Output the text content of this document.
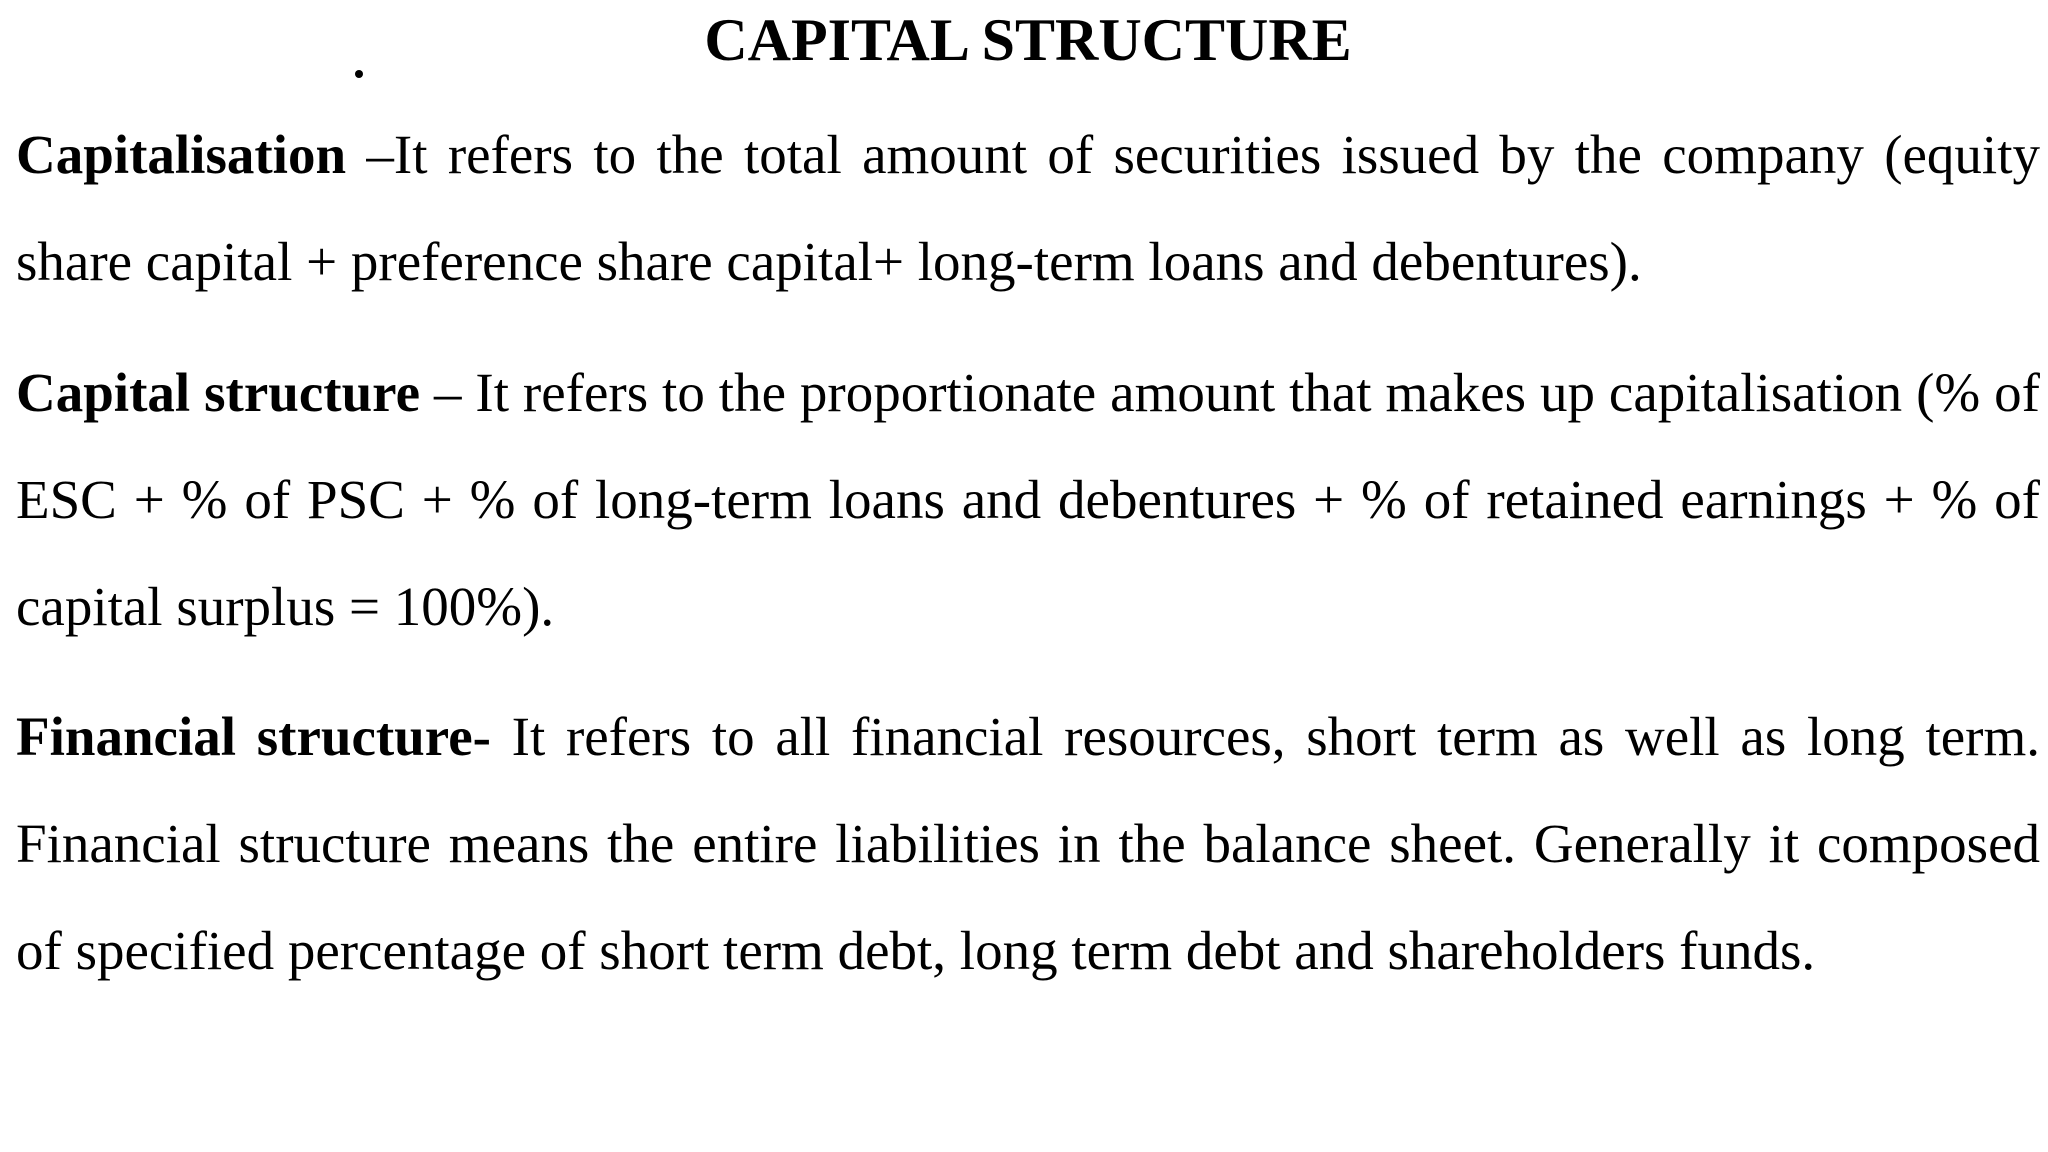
CAPITAL STRUCTURE

Capitalisation –It refers to the total amount of securities issued by the company (equity share capital + preference share capital+ long-term loans and debentures).

Capital structure – It refers to the proportionate amount that makes up capitalisation (% of ESC + % of PSC + % of long-term loans and debentures + % of retained earnings + % of capital surplus = 100%).

Financial structure- It refers to all financial resources, short term as well as long term. Financial structure means the entire liabilities in the balance sheet. Generally it composed of specified percentage of short term debt, long term debt and shareholders funds.
